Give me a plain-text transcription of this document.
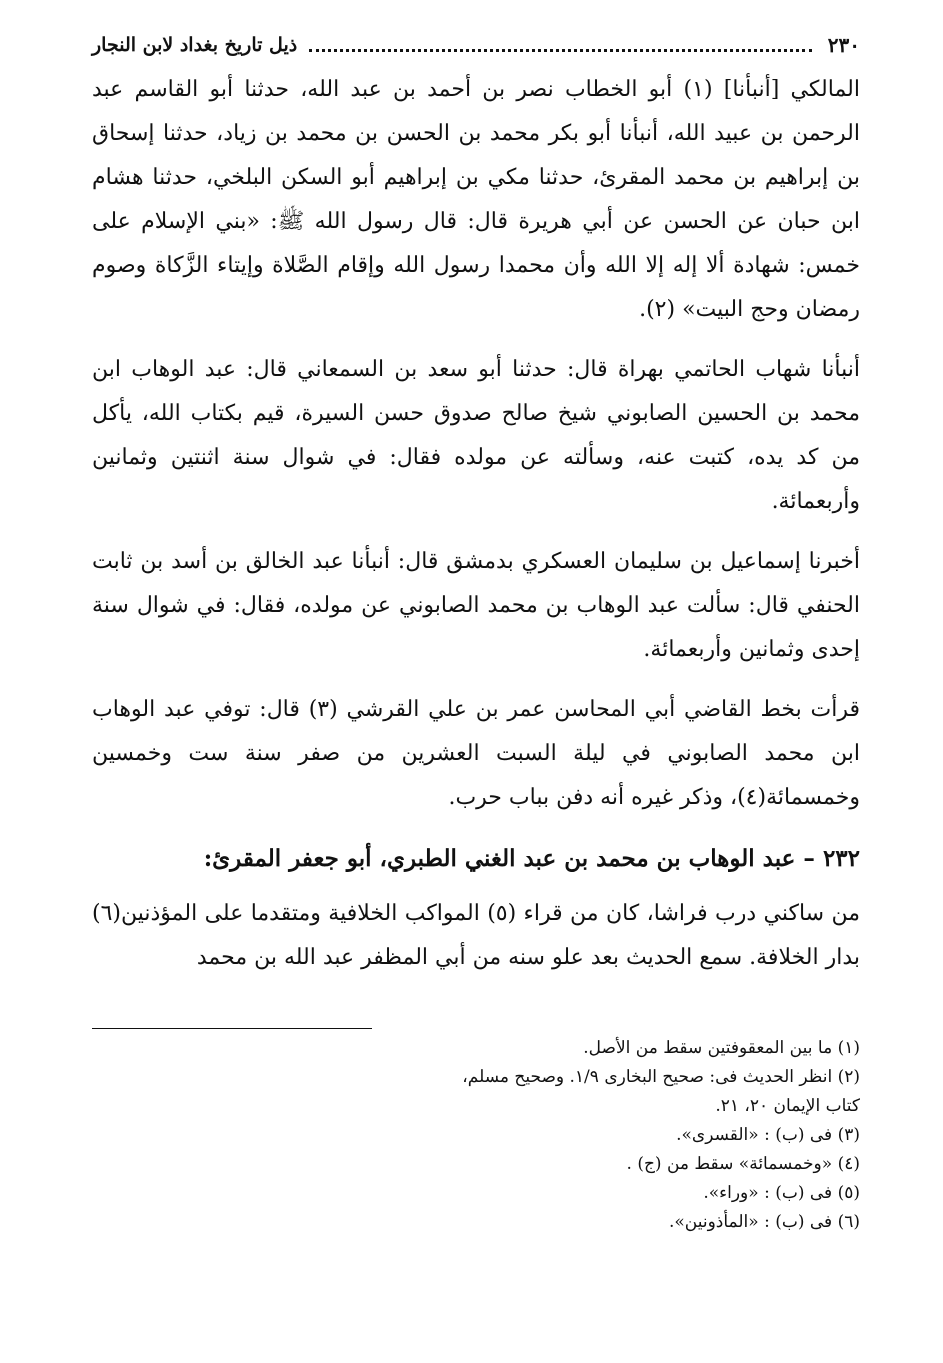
٢٣٠
ذيل تاريخ بغداد لابن النجار

المالكي [أنبأنا] (١) أبو الخطاب نصر بن أحمد بن عبد الله، حدثنا أبو القاسم عبد الرحمن بن عبيد الله، أنبأنا أبو بكر محمد بن الحسن بن محمد بن زياد، حدثنا إسحاق بن إبراهيم بن محمد المقرئ، حدثنا مكي بن إبراهيم أبو السكن البلخي، حدثنا هشام ابن حبان عن الحسن عن أبي هريرة قال: قال رسول الله ﷺ: «بني الإسلام على خمس: شهادة ألا إله إلا الله وأن محمدا رسول الله وإقام الصَّلاة وإيتاء الزَّكاة وصوم رمضان وحج البيت» (٢).

أنبأنا شهاب الحاتمي بهراة قال: حدثنا أبو سعد بن السمعاني قال: عبد الوهاب ابن محمد بن الحسين الصابوني شيخ صالح صدوق حسن السيرة، قيم بكتاب الله، يأكل من كد يده، كتبت عنه، وسألته عن مولده فقال: في شوال سنة اثنتين وثمانين وأربعمائة.

أخبرنا إسماعيل بن سليمان العسكري بدمشق قال: أنبأنا عبد الخالق بن أسد بن ثابت الحنفي قال: سألت عبد الوهاب بن محمد الصابوني عن مولده، فقال: في شوال سنة إحدى وثمانين وأربعمائة.

قرأت بخط القاضي أبي المحاسن عمر بن علي القرشي (٣) قال: توفي عبد الوهاب ابن محمد الصابوني في ليلة السبت العشرين من صفر سنة ست وخمسين وخمسمائة(٤)، وذكر غيره أنه دفن بباب حرب.

٢٣٢ – عبد الوهاب بن محمد بن عبد الغني الطبري، أبو جعفر المقرئ:

من ساكني درب فراشا، كان من قراء (٥) المواكب الخلافية ومتقدما على المؤذنين(٦) بدار الخلافة. سمع الحديث بعد علو سنه من أبي المظفر عبد الله بن محمد

(١) ما بين المعقوفتين سقط من الأصل.

(٢) انظر الحديث فى: صحيح البخارى ١/٩. وصحيح مسلم، كتاب الإيمان ٢٠، ٢١.

(٣) فى (ب) : «القسرى».

(٤) «وخمسمائة» سقط من (ج) .

(٥) فى (ب) : «وراء».

(٦) فى (ب) : «المأذونين».
